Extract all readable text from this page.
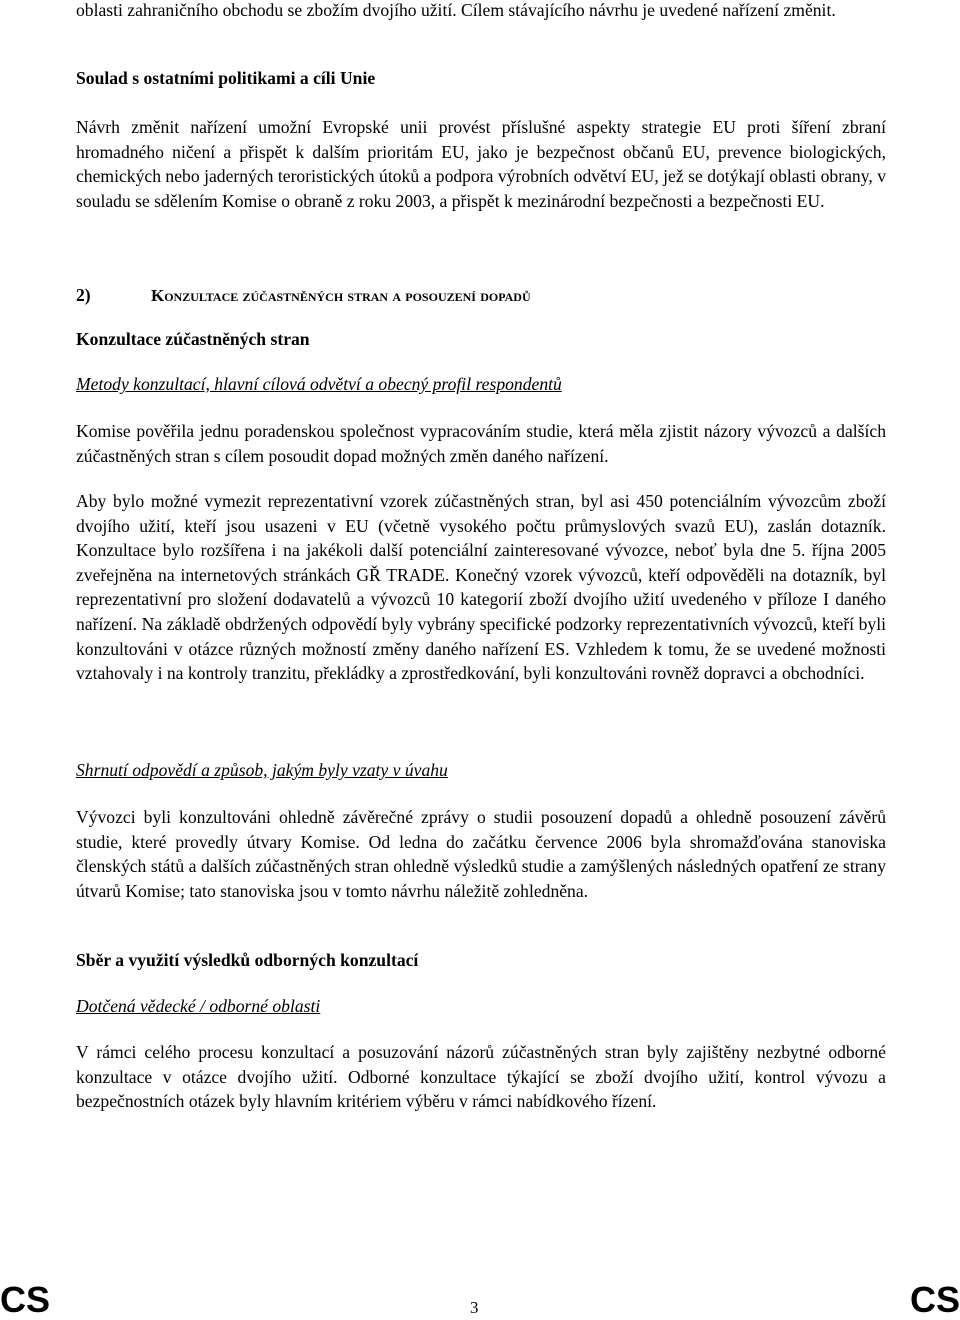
oblasti zahraničního obchodu se zbožím dvojího užití. Cílem stávajícího návrhu je uvedené nařízení změnit.

Soulad s ostatními politikami a cíli Unie

Návrh změnit nařízení umožní Evropské unii provést příslušné aspekty strategie EU proti šíření zbraní hromadného ničení a přispět k dalším prioritám EU, jako je bezpečnost občanů EU, prevence biologických, chemických nebo jaderných teroristických útoků a podpora výrobních odvětví EU, jež se dotýkají oblasti obrany, v souladu se sdělením Komise o obraně z roku 2003, a přispět k mezinárodní bezpečnosti a bezpečnosti EU.

2)	Konzultace zúčastněných stran a posouzení dopadů

Konzultace zúčastněných stran

Metody konzultací, hlavní cílová odvětví a obecný profil respondentů

Komise pověřila jednu poradenskou společnost vypracováním studie, která měla zjistit názory vývozců a dalších zúčastněných stran s cílem posoudit dopad možných změn daného nařízení.

Aby bylo možné vymezit reprezentativní vzorek zúčastněných stran, byl asi 450 potenciálním vývozcům zboží dvojího užití, kteří jsou usazeni v EU (včetně vysokého počtu průmyslových svazů EU), zaslán dotazník. Konzultace bylo rozšířena i na jakékoli další potenciální zainteresované vývozce, neboť byla dne 5. října 2005 zveřejněna na internetových stránkách GŘ TRADE. Konečný vzorek vývozců, kteří odpověděli na dotazník, byl reprezentativní pro složení dodavatelů a vývozců 10 kategorií zboží dvojího užití uvedeného v příloze I daného nařízení. Na základě obdržených odpovědí byly vybrány specifické podzorky reprezentativních vývozců, kteří byli konzultováni v otázce různých možností změny daného nařízení ES. Vzhledem k tomu, že se uvedené možnosti vztahovaly i na kontroly tranzitu, překládky a zprostředkování, byli konzultováni rovněž dopravci a obchodníci.

Shrnutí odpovědí a způsob, jakým byly vzaty v úvahu

Vývozci byli konzultováni ohledně závěrečné zprávy o studii posouzení dopadů a ohledně posouzení závěrů studie, které provedly útvary Komise. Od ledna do začátku července 2006 byla shromažďována stanoviska členských států a dalších zúčastněných stran ohledně výsledků studie a zamýšlených následných opatření ze strany útvarů Komise; tato stanoviska jsou v tomto návrhu náležitě zohledněna.

Sběr a využití výsledků odborných konzultací

Dotčená vědecké / odborné oblasti

V rámci celého procesu konzultací a posuzování názorů zúčastněných stran byly zajištěny nezbytné odborné konzultace v otázce dvojího užití. Odborné konzultace týkající se zboží dvojího užití, kontrol vývozu a bezpečnostních otázek byly hlavním kritériem výběru v rámci nabídkového řízení.

CS	3	CS
